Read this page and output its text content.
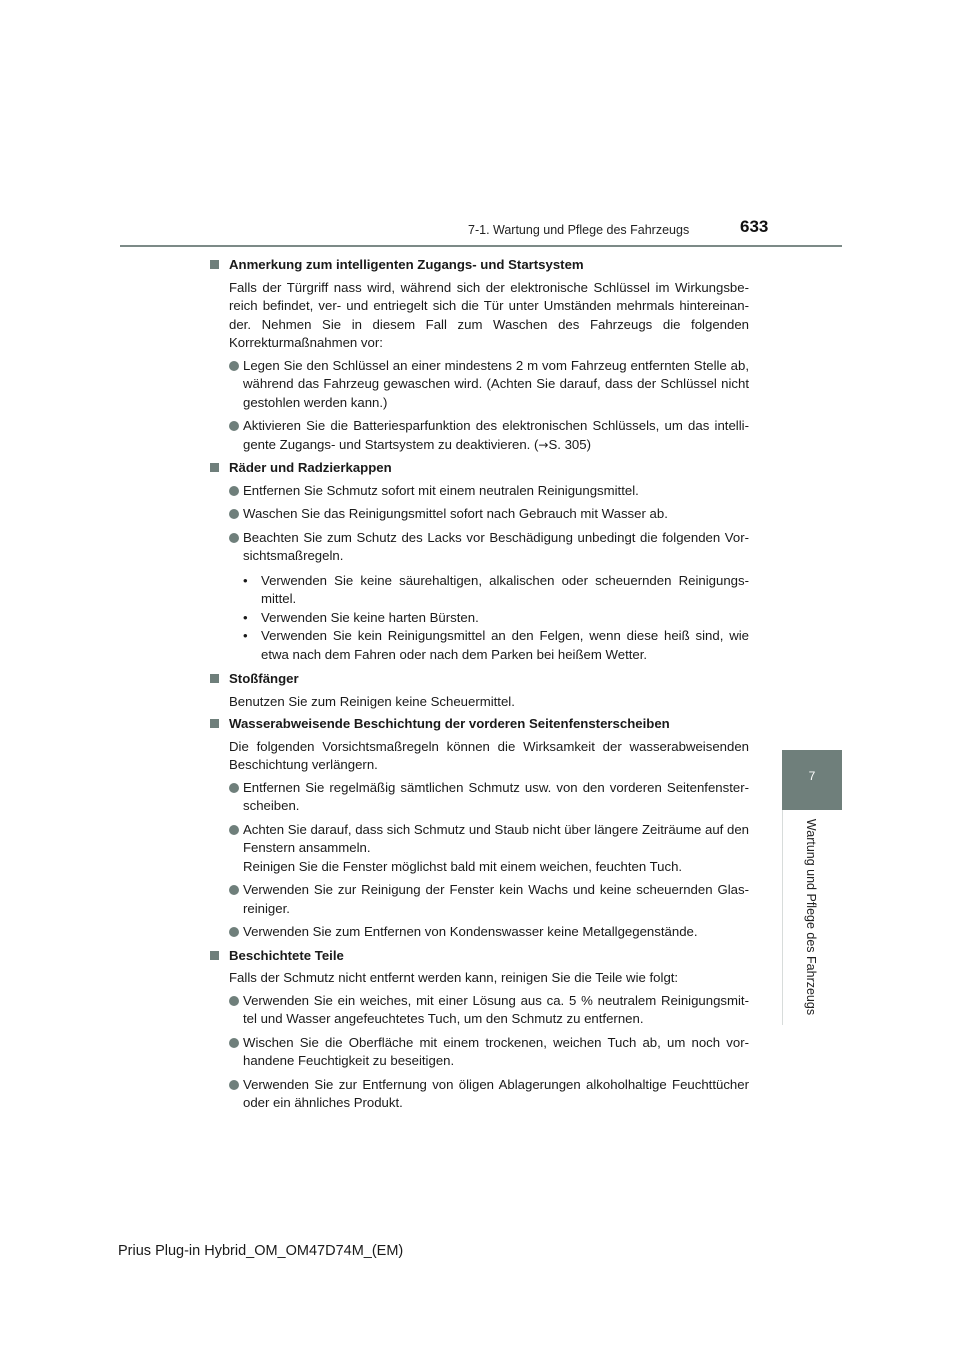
7-1. Wartung und Pflege des Fahrzeugs	633
7
Wartung und Pflege des Fahrzeugs
Anmerkung zum intelligenten Zugangs- und Startsystem
Falls der Türgriff nass wird, während sich der elektronische Schlüssel im Wirkungsbe-reich befindet, ver- und entriegelt sich die Tür unter Umständen mehrmals hintereinan-der. Nehmen Sie in diesem Fall zum Waschen des Fahrzeugs die folgenden Korrekturmaßnahmen vor:
Legen Sie den Schlüssel an einer mindestens 2 m vom Fahrzeug entfernten Stelle ab, während das Fahrzeug gewaschen wird. (Achten Sie darauf, dass der Schlüssel nicht gestohlen werden kann.)
Aktivieren Sie die Batteriesparfunktion des elektronischen Schlüssels, um das intelli-gente Zugangs- und Startsystem zu deaktivieren. (→S. 305)
Räder und Radzierkappen
Entfernen Sie Schmutz sofort mit einem neutralen Reinigungsmittel.
Waschen Sie das Reinigungsmittel sofort nach Gebrauch mit Wasser ab.
Beachten Sie zum Schutz des Lacks vor Beschädigung unbedingt die folgenden Vor-sichtsmaßregeln.
• Verwenden Sie keine säurehaltigen, alkalischen oder scheuernden Reinigungs-mittel.
• Verwenden Sie keine harten Bürsten.
• Verwenden Sie kein Reinigungsmittel an den Felgen, wenn diese heiß sind, wie etwa nach dem Fahren oder nach dem Parken bei heißem Wetter.
Stoßfänger
Benutzen Sie zum Reinigen keine Scheuermittel.
Wasserabweisende Beschichtung der vorderen Seitenfensterscheiben
Die folgenden Vorsichtsmaßregeln können die Wirksamkeit der wasserabweisenden Beschichtung verlängern.
Entfernen Sie regelmäßig sämtlichen Schmutz usw. von den vorderen Seitenfenster-scheiben.
Achten Sie darauf, dass sich Schmutz und Staub nicht über längere Zeiträume auf den Fenstern ansammeln.
Reinigen Sie die Fenster möglichst bald mit einem weichen, feuchten Tuch.
Verwenden Sie zur Reinigung der Fenster kein Wachs und keine scheuernden Glas-reiniger.
Verwenden Sie zum Entfernen von Kondenswasser keine Metallgegenstände.
Beschichtete Teile
Falls der Schmutz nicht entfernt werden kann, reinigen Sie die Teile wie folgt:
Verwenden Sie ein weiches, mit einer Lösung aus ca. 5 % neutralem Reinigungsmit-tel und Wasser angefeuchtetes Tuch, um den Schmutz zu entfernen.
Wischen Sie die Oberfläche mit einem trockenen, weichen Tuch ab, um noch vor-handene Feuchtigkeit zu beseitigen.
Verwenden Sie zur Entfernung von öligen Ablagerungen alkoholhaltige Feuchttücher oder ein ähnliches Produkt.
Prius Plug-in Hybrid_OM_OM47D74M_(EM)
